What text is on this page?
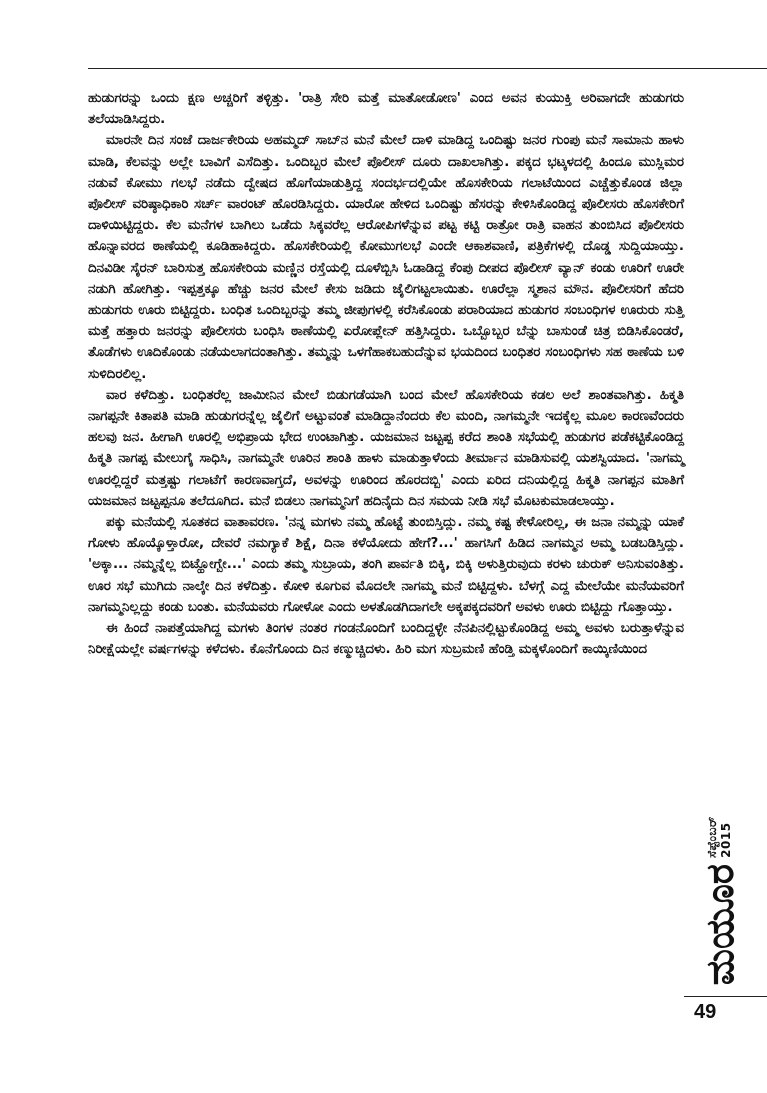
ಹುಡುಗರನ್ನು ಒಂದು ಕ್ಷಣ ಅಚ್ಚರಿಗೆ ತಳ್ಳಿತ್ತು. 'ರಾತ್ರಿ ಸೇರಿ ಮತ್ತೆ ಮಾತೋಡೋಣ' ಎಂದ ಅವನ ಕುಯುಕ್ತಿ ಅರಿವಾಗದೇ ಹುಡುಗರು ತಲೆಯಾಡಿಸಿದ್ದರು.

ಮಾರನೇ ದಿನ ಸಂಜೆ ದಾರ್ಜಕೇರಿಯ ಅಹಮ್ಮದ್ ಸಾಬ್‌ನ ಮನೆ ಮೇಲೆ ದಾಳಿ ಮಾಡಿದ್ದ ಒಂದಿಷ್ಟು ಜನರ ಗುಂಪು ಮನೆ ಸಾಮಾನು ಹಾಳು ಮಾಡಿ, ಕೆಲವನ್ನು ಅಲ್ಲೇ ಬಾವಿಗೆ ಎಸೆದಿತ್ತು. ಒಂದಿಬ್ಬರ ಮೇಲೆ ಪೊಲೀಸ್ ದೂರು ದಾಖಲಾಗಿತ್ತು. ಪಕ್ಕದ ಭಟ್ಕಳದಲ್ಲಿ ಹಿಂದೂ ಮುಸ್ಲಿಮರ ನಡುವೆ ಕೋಮು ಗಲಭೆ ನಡೆದು ದ್ವೇಷದ ಹೊಗೆಯಾಡುತ್ತಿದ್ದ ಸಂದರ್ಭದಲ್ಲಿಯೇ ಹೊಸಕೇರಿಯ ಗಲಾಟೆಯಿಂದ ಎಚ್ಚೆತ್ತುಕೊಂಡ ಜಿಲ್ಲಾ ಪೊಲೀಸ್ ವರಿಷ್ಠಾಧಿಕಾರಿ ಸರ್ಚ್ ವಾರಂಟ್ ಹೊರಡಿಸಿದ್ದರು. ಯಾರೋ ಹೇಳಿದ ಒಂದಿಷ್ಟು ಹೆಸರನ್ನು ಕೇಳಿಸಿಕೊಂಡಿದ್ದ ಪೊಲೀಸರು ಹೊಸಕೇರಿಗೆ ದಾಳಿಯಿಟ್ಟಿದ್ದರು. ಕೆಲ ಮನೆಗಳ ಬಾಗಿಲು ಒಡೆದು ಸಿಕ್ಕವರೆಲ್ಲ ಆರೋಪಿಗಳೆನ್ನುವ ಪಟ್ಟ ಕಟ್ಟಿ ರಾತ್ರೋ ರಾತ್ರಿ ವಾಹನ ತುಂಬಿಸಿದ ಪೊಲೀಸರು ಹೊನ್ನಾವರದ ಠಾಣೆಯಲ್ಲಿ ಕೂಡಿಹಾಕಿದ್ದರು. ಹೊಸಕೇರಿಯಲ್ಲಿ ಕೋಮುಗಲಭೆ ಎಂದೇ ಆಕಾಶವಾಣಿ, ಪತ್ರಿಕೆಗಳಲ್ಲಿ ದೊಡ್ಡ ಸುದ್ದಿಯಾಯ್ತು. ದಿನವಿಡೀ ಸೈರನ್ ಬಾರಿಸುತ್ತ ಹೊಸಕೇರಿಯ ಮಣ್ಣಿನ ರಸ್ತೆಯಲ್ಲಿ ದೂಳೆಬ್ಬಿಸಿ ಓಡಾಡಿದ್ದ ಕೆಂಪು ದೀಪದ ಪೊಲೀಸ್ ವ್ಯಾನ್ ಕಂಡು ಊರಿಗೆ ಊರೇ ನಡುಗಿ ಹೋಗಿತ್ತು. ಇಪ್ಪತ್ತಕ್ಕೂ ಹೆಚ್ಚು ಜನರ ಮೇಲೆ ಕೇಸು ಜಡಿದು ಜೈಲಿಗಟ್ಟಲಾಯಿತು. ಊರೆಲ್ಲಾ ಸ್ಮಶಾನ ಮೌನ. ಪೊಲೀಸರಿಗೆ ಹೆದರಿ ಹುಡುಗರು ಊರು ಬಿಟ್ಟಿದ್ದರು. ಬಂಧಿತ ಒಂದಿಬ್ಬರನ್ನು ತಮ್ಮ ಜೀಪುಗಳಲ್ಲಿ ಕರೆಸಿಕೊಂಡು ಪರಾರಿಯಾದ ಹುಡುಗರ ಸಂಬಂಧಿಗಳ ಊರುರು ಸುತ್ತಿ ಮತ್ತೆ ಹತ್ತಾರು ಜನರನ್ನು ಪೊಲೀಸರು ಬಂಧಿಸಿ ಠಾಣೆಯಲ್ಲಿ ಏರೋಪ್ಲೇನ್ ಹತ್ತಿಸಿದ್ದರು. ಒಬ್ಬೊಬ್ಬರ ಬೆನ್ನು ಬಾಸುಂಡೆ ಚಿತ್ರ ಬಿಡಿಸಿಕೊಂಡರೆ, ತೊಡೆಗಳು ಊದಿಕೊಂಡು ನಡೆಯಲಾಗದಂತಾಗಿತ್ತು. ತಮ್ಮನ್ನು ಒಳಗೆಹಾಕಬಹುದೆನ್ನುವ ಭಯದಿಂದ ಬಂಧಿತರ ಸಂಬಂಧಿಗಳು ಸಹ ಠಾಣೆಯ ಬಳಿ ಸುಳಿದಿರಲಿಲ್ಲ.

ವಾರ ಕಳೆದಿತ್ತು. ಬಂಧಿತರೆಲ್ಲ ಜಾಮೀನಿನ ಮೇಲೆ ಬಿಡುಗಡೆಯಾಗಿ ಬಂದ ಮೇಲೆ ಹೊಸಕೇರಿಯ ಕಡಲ ಅಲೆ ಶಾಂತವಾಗಿತ್ತು. ಹಿಕ್ಮತಿ ನಾಗಪ್ಪನೇ ಕಿತಾಪತಿ ಮಾಡಿ ಹುಡುಗರನ್ನೆಲ್ಲ ಜೈಲಿಗೆ ಅಟ್ಟುವಂತೆ ಮಾಡಿದ್ದಾನೆಂದರು ಕೆಲ ಮಂದಿ, ನಾಗಮ್ಮನೇ ಇದಕ್ಕೆಲ್ಲ ಮೂಲ ಕಾರಣವೆಂದರು ಹಲವು ಜನ. ಹೀಗಾಗಿ ಊರಲ್ಲಿ ಅಭಿಪ್ರಾಯ ಭೇದ ಉಂಟಾಗಿತ್ತು. ಯಜಮಾನ ಜಟ್ಟಪ್ಪ ಕರೆದ ಶಾಂತಿ ಸಭೆಯಲ್ಲಿ ಹುಡುಗರ ಪಡೆಕಟ್ಟಿಕೊಂಡಿದ್ದ ಹಿಕ್ಮತಿ ನಾಗಪ್ಪ ಮೇಲುಗೈ ಸಾಧಿಸಿ, ನಾಗಮ್ಮನೇ ಊರಿನ ಶಾಂತಿ ಹಾಳು ಮಾಡುತ್ತಾಳೆಂದು ತೀರ್ಮಾನ ಮಾಡಿಸುವಲ್ಲಿ ಯಶಸ್ವಿಯಾದ. 'ನಾಗಮ್ಮ ಊರಲ್ಲಿದ್ದರೆ ಮತ್ತಷ್ಟು ಗಲಾಟೆಗೆ ಕಾರಣವಾಗ್ತದೆ, ಅವಳನ್ನು ಊರಿಂದ ಹೊರದಬ್ಬಿ' ಎಂದು ಏರಿದ ದನಿಯಲ್ಲಿದ್ದ ಹಿಕ್ಮತಿ ನಾಗಪ್ಪನ ಮಾತಿಗೆ ಯಜಮಾನ ಜಟ್ಟಪ್ಪನೂ ತಲೆದೂಗಿದ. ಮನೆ ಬಿಡಲು ನಾಗಮ್ಮನಿಗೆ ಹದಿನೈದು ದಿನ ಸಮಯ ನೀಡಿ ಸಭೆ ಮೊಟಕುಮಾಡಲಾಯ್ತು.

ಪಕ್ಕು ಮನೆಯಲ್ಲಿ ಸೂತಕದ ವಾತಾವರಣ. 'ನನ್ನ ಮಗಳು ನಮ್ಮ ಹೊಟ್ಟೆ ತುಂಬಿಸ್ತಿದ್ಲು. ನಮ್ಮ ಕಷ್ಟ ಕೇಳೋರಿಲ್ಲ, ಈ ಜನಾ ನಮ್ಮನ್ನು ಯಾಕೆ ಗೋಳು ಹೊಯ್ಕೊಳ್ತಾರೋ, ದೇವರೆ ನಮಗ್ಯಾಕೆ ಶಿಕ್ಷೆ, ದಿನಾ ಕಳೆಯೋದು ಹೇಗೆ?...' ಹಾಗಸಿಗೆ ಹಿಡಿದ ನಾಗಮ್ಮನ ಅಮ್ಮ ಬಡಬಡಿಸ್ತಿದ್ಲು. 'ಅಕ್ಕಾ... ನಮ್ಮನ್ನೆಲ್ಲ ಬಿಟ್ಹೋಗ್ಬೇ...' ಎಂದು ತಮ್ಮ ಸುಬ್ರಾಯ, ತಂಗಿ ಪಾರ್ವತಿ ಬಿಕ್ಕಿ, ಬಿಕ್ಕಿ ಅಳುತ್ತಿರುವುದು ಕರಳು ಚುರುಕ್ ಅನಿಸುವಂತಿತ್ತು. ಊರ ಸಭೆ ಮುಗಿದು ನಾಲ್ಕೇ ದಿನ ಕಳೆದಿತ್ತು. ಕೋಳಿ ಕೂಗುವ ಮೊದಲೇ ನಾಗಮ್ಮ ಮನೆ ಬಿಟ್ಟಿದ್ದಳು. ಬೆಳಗ್ಗೆ ಎದ್ದ ಮೇಲೆಯೇ ಮನೆಯವರಿಗೆ ನಾಗಮ್ಮನಿಲ್ಲದ್ದು ಕಂಡು ಬಂತು. ಮನೆಯವರು ಗೋಳೋ ಎಂದು ಅಳತೊಡಗಿದಾಗಲೇ ಅಕ್ಕಪಕ್ಕದವರಿಗೆ ಅವಳು ಊರು ಬಿಟ್ಟಿದ್ದು ಗೊತ್ತಾಯ್ತು.

ಈ ಹಿಂದೆ ನಾಪತ್ತೆಯಾಗಿದ್ದ ಮಗಳು ತಿಂಗಳ ನಂತರ ಗಂಡನೊಂದಿಗೆ ಬಂದಿದ್ದಳ್ಳೇ ನೆನಪಿನಲ್ಲಿಟ್ಟುಕೊಂಡಿದ್ದ ಅಮ್ಮ ಅವಳು ಬರುತ್ತಾಳೆನ್ನುವ ನಿರೀಕ್ಷೆಯಲ್ಲೇ ವರ್ಷಗಳನ್ನು ಕಳೆದಳು. ಕೊನೆಗೊಂದು ದಿನ ಕಣ್ಮುಚ್ಚಿದಳು. ಹಿರಿ ಮಗ ಸುಬ್ರಮಣಿ ಹೆಂಡ್ತಿ ಮಕ್ಕಳೊಂದಿಗೆ ಕಾಯ್ಕಿಣಿಯಿಂದ

ಸೆಪ್ಟೆಂಬರ್ 2015
ಮಯೂರ
49
